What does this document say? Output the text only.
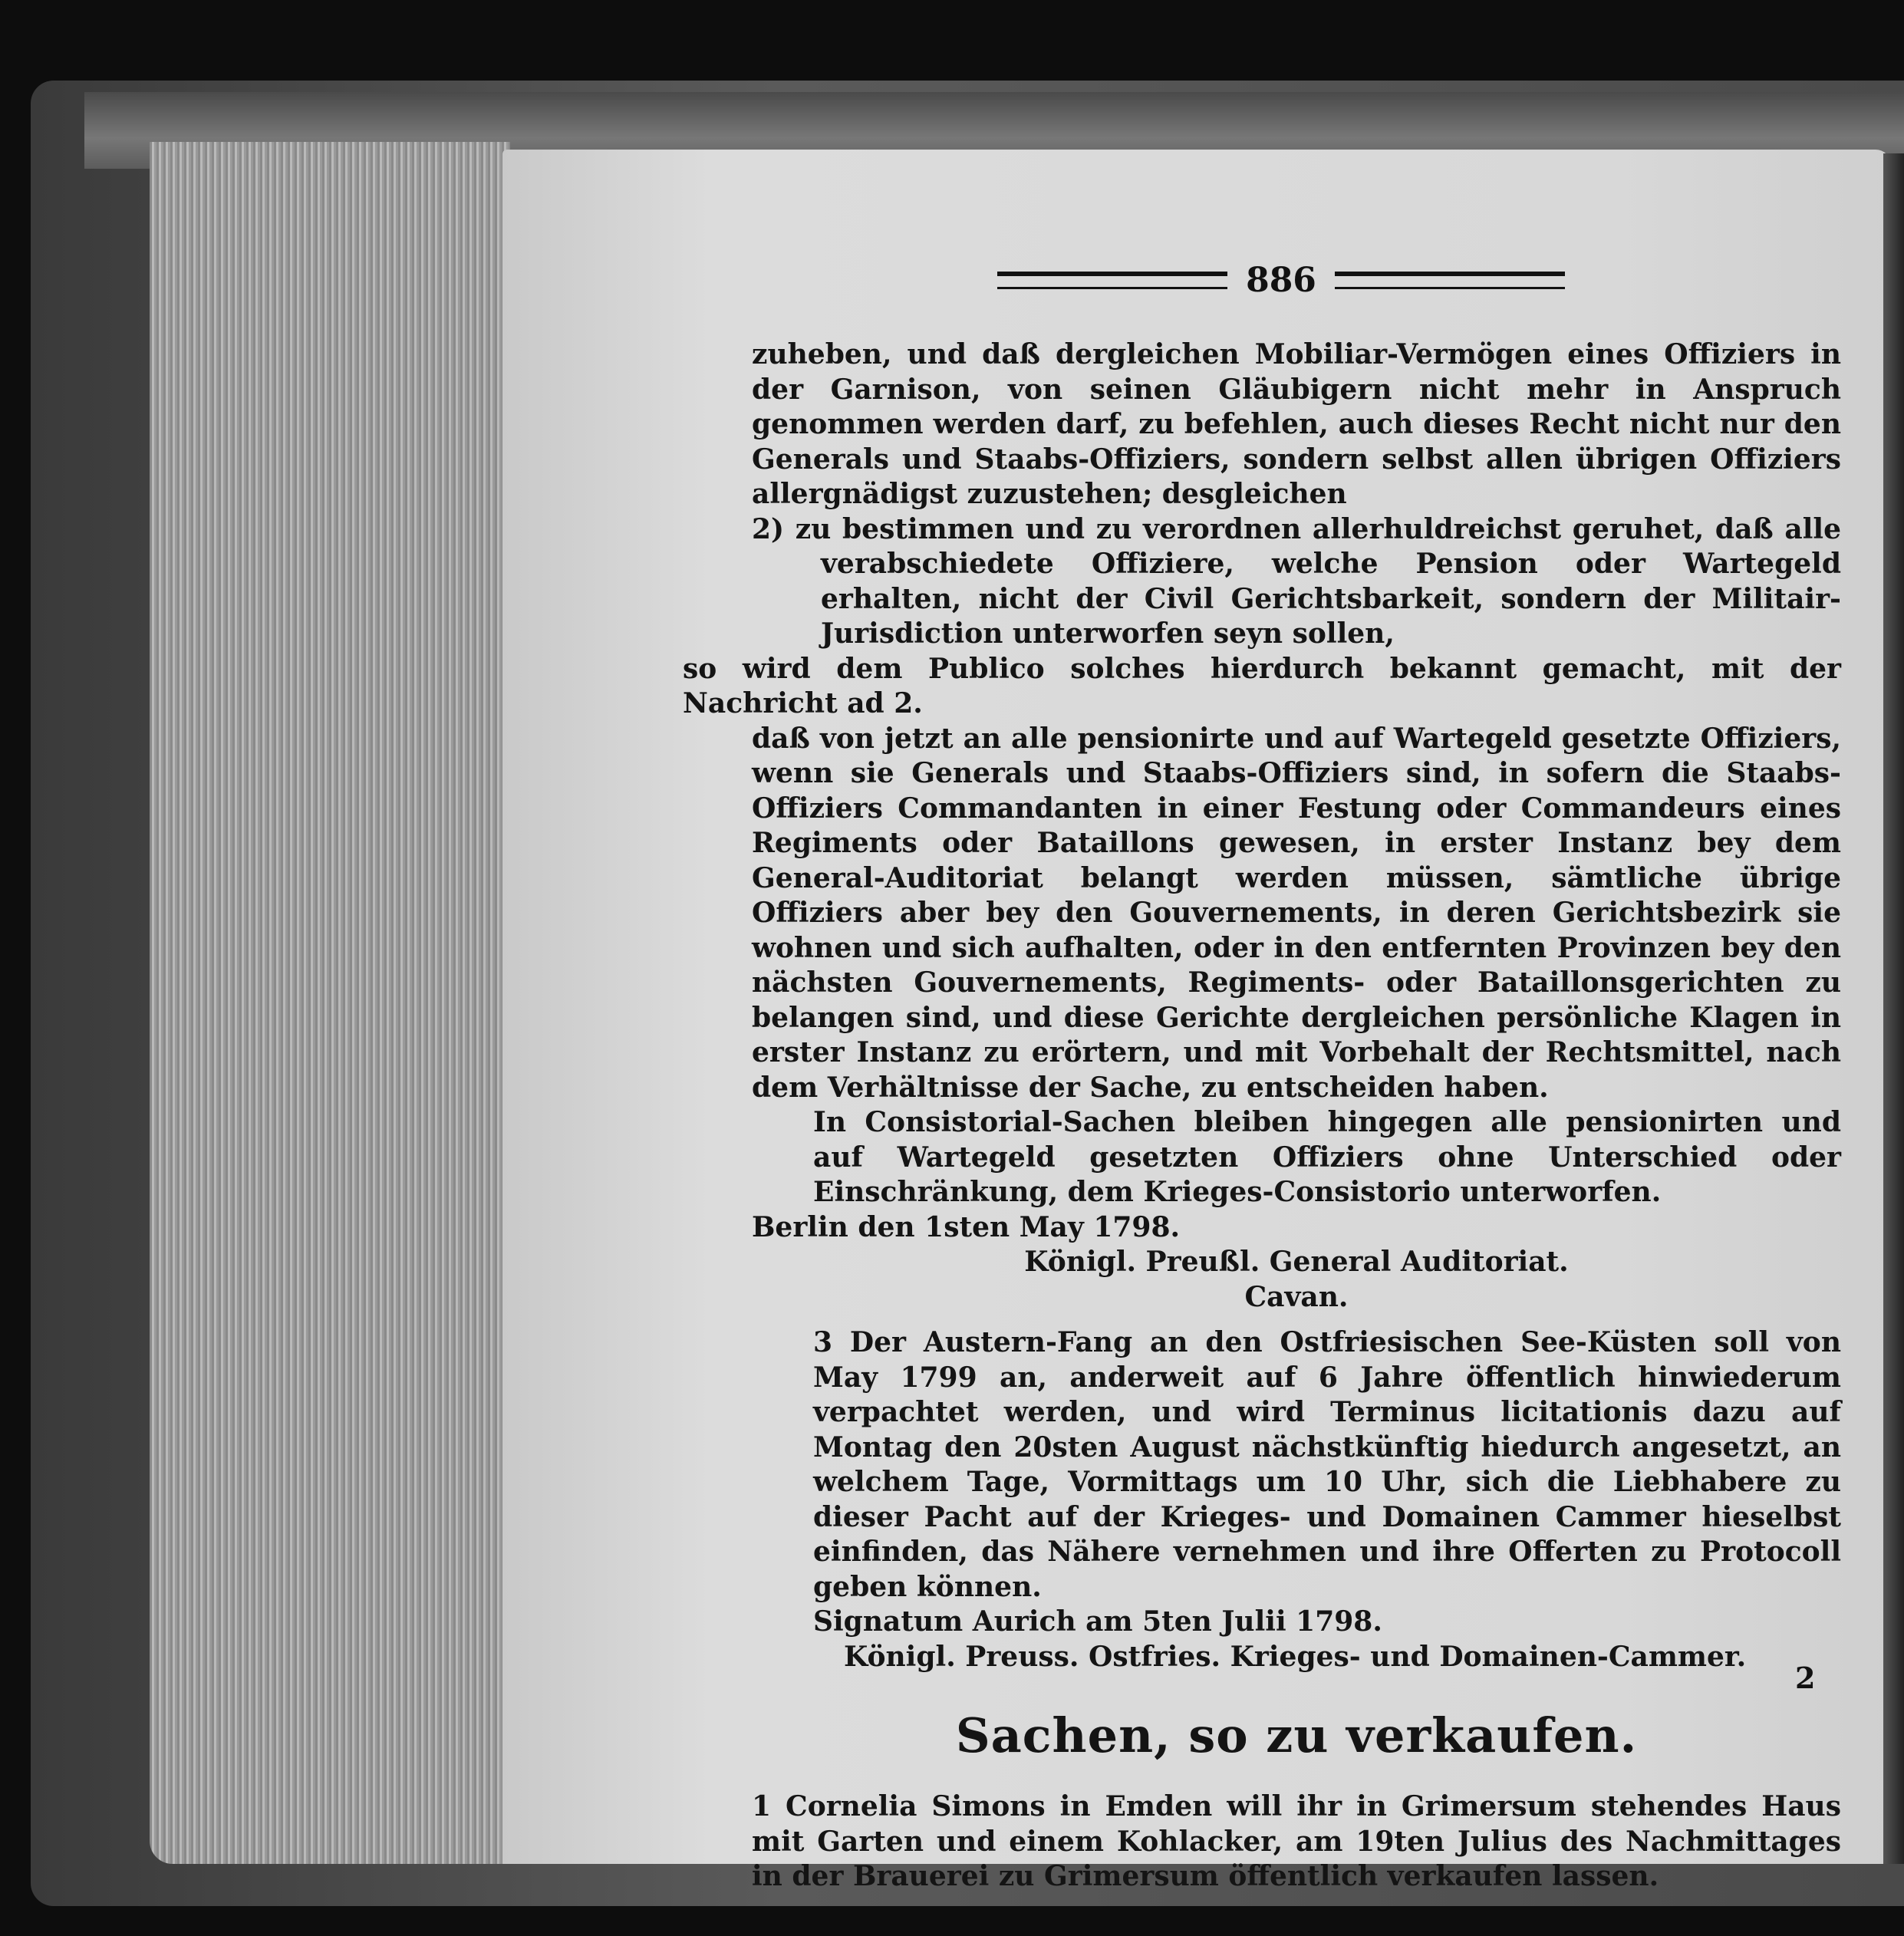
886

zuheben, und daß dergleichen Mobiliar-Vermögen eines Offiziers in der Garnison, von seinen Gläubigern nicht mehr in Anspruch genommen werden darf, zu befehlen, auch dieses Recht nicht nur den Generals und Staabs-Offiziers, sondern selbst allen übrigen Offiziers allergnädigst zuzustehen; desgleichen

2) zu bestimmen und zu verordnen allerhuldreichst geruhet, daß alle verabschiedete Offiziere, welche Pension oder Wartegeld erhalten, nicht der Civil Gerichtsbarkeit, sondern der Militair-Jurisdiction unterworfen seyn sollen,

so wird dem Publico solches hierdurch bekannt gemacht, mit der Nachricht ad 2.

daß von jetzt an alle pensionirte und auf Wartegeld gesetzte Offiziers, wenn sie Generals und Staabs-Offiziers sind, in sofern die Staabs-Offiziers Commandanten in einer Festung oder Commandeurs eines Regiments oder Bataillons gewesen, in erster Instanz bey dem General-Auditoriat belangt werden müssen, sämtliche übrige Offiziers aber bey den Gouvernements, in deren Gerichtsbezirk sie wohnen und sich aufhalten, oder in den entfernten Provinzen bey den nächsten Gouvernements, Regiments- oder Bataillonsgerichten zu belangen sind, und diese Gerichte dergleichen persönliche Klagen in erster Instanz zu erörtern, und mit Vorbehalt der Rechtsmittel, nach dem Verhältnisse der Sache, zu entscheiden haben.

In Consistorial-Sachen bleiben hingegen alle pensionirten und auf Wartegeld gesetzten Offiziers ohne Unterschied oder Einschränkung, dem Krieges-Consistorio unterworfen.

Berlin den 1sten May 1798.

Königl. Preußl. General Auditoriat.

Cavan.

3 Der Austern-Fang an den Ostfriesischen See-Küsten soll von May 1799 an, anderweit auf 6 Jahre öffentlich hinwiederum verpachtet werden, und wird Terminus licitationis dazu auf Montag den 20sten August nächstkünftig hiedurch angesetzt, an welchem Tage, Vormittags um 10 Uhr, sich die Liebhabere zu dieser Pacht auf der Krieges- und Domainen Cammer hieselbst einfinden, das Nähere vernehmen und ihre Offerten zu Protocoll geben können.

Signatum Aurich am 5ten Julii 1798.

Königl. Preuss. Ostfries. Krieges- und Domainen-Cammer.

Sachen, so zu verkaufen.

1 Cornelia Simons in Emden will ihr in Grimersum stehendes Haus mit Garten und einem Kohlacker, am 19ten Julius des Nachmittages in der Brauerei zu Grimersum öffentlich verkaufen lassen.

2
